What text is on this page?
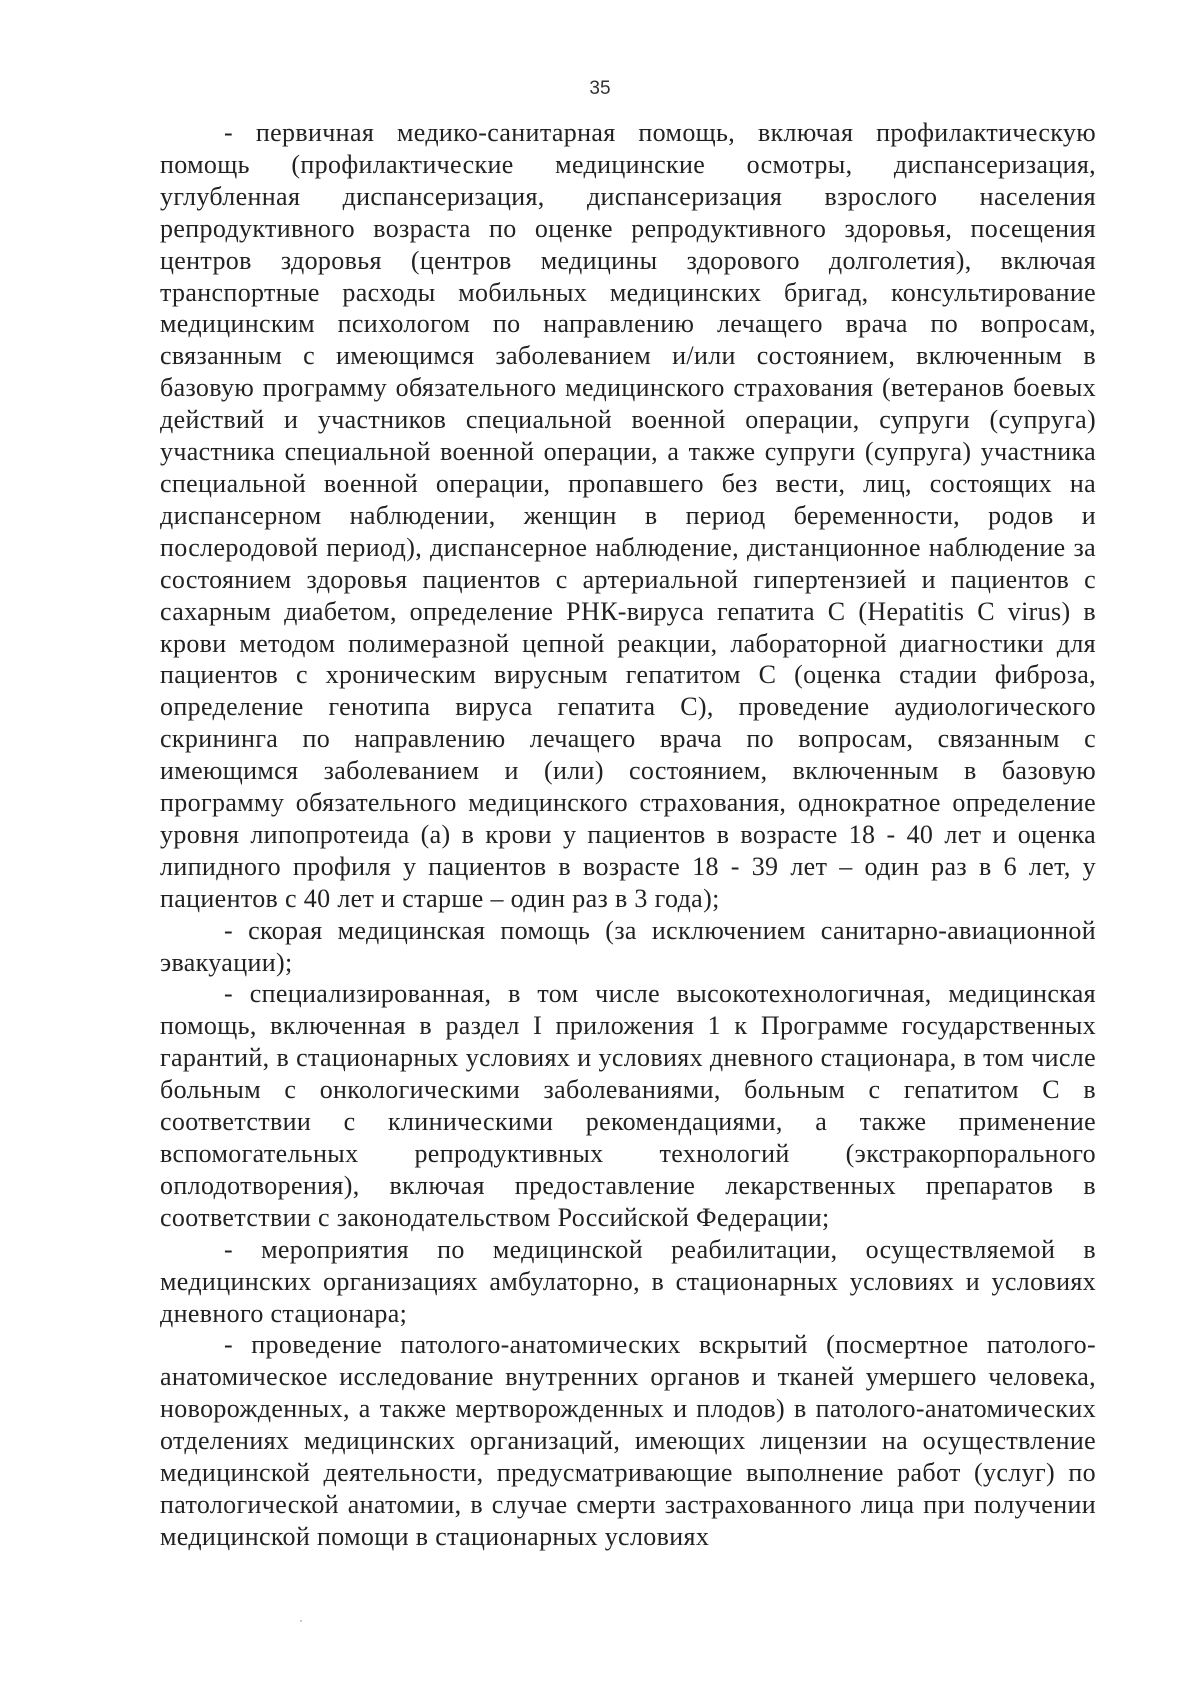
35

- первичная медико-санитарная помощь, включая профилактическую помощь (профилактические медицинские осмотры, диспансеризация, углубленная диспансеризация, диспансеризация взрослого населения репродуктивного возраста по оценке репродуктивного здоровья, посещения центров здоровья (центров медицины здорового долголетия), включая транспортные расходы мобильных медицинских бригад, консультирование медицинским психологом по направлению лечащего врача по вопросам, связанным с имеющимся заболеванием и/или состоянием, включенным в базовую программу обязательного медицинского страхования (ветеранов боевых действий и участников специальной военной операции, супруги (супруга) участника специальной военной операции, а также супруги (супруга) участника специальной военной операции, пропавшего без вести, лиц, состоящих на диспансерном наблюдении, женщин в период беременности, родов и послеродовой период), диспансерное наблюдение, дистанционное наблюдение за состоянием здоровья пациентов с артериальной гипертензией и пациентов с сахарным диабетом, определение РНК-вируса гепатита С (Hepatitis C virus) в крови методом полимеразной цепной реакции, лабораторной диагностики для пациентов с хроническим вирусным гепатитом С (оценка стадии фиброза, определение генотипа вируса гепатита С), проведение аудиологического скрининга по направлению лечащего врача по вопросам, связанным с имеющимся заболеванием и (или) состоянием, включенным в базовую программу обязательного медицинского страхования, однократное определение уровня липопротеида (а) в крови у пациентов в возрасте 18 - 40 лет и оценка липидного профиля у пациентов в возрасте 18 - 39 лет – один раз в 6 лет, у пациентов с 40 лет и старше – один раз в 3 года);

- скорая медицинская помощь (за исключением санитарно-авиационной эвакуации);

- специализированная, в том числе высокотехнологичная, медицинская помощь, включенная в раздел I приложения 1 к Программе государственных гарантий, в стационарных условиях и условиях дневного стационара, в том числе больным с онкологическими заболеваниями, больным с гепатитом С в соответствии с клиническими рекомендациями, а также применение вспомогательных репродуктивных технологий (экстракорпорального оплодотворения), включая предоставление лекарственных препаратов в соответствии с законодательством Российской Федерации;

- мероприятия по медицинской реабилитации, осуществляемой в медицинских организациях амбулаторно, в стационарных условиях и условиях дневного стационара;

- проведение патолого-анатомических вскрытий (посмертное патолого-анатомическое исследование внутренних органов и тканей умершего человека, новорожденных, а также мертворожденных и плодов) в патолого-анатомических отделениях медицинских организаций, имеющих лицензии на осуществление медицинской деятельности, предусматривающие выполнение работ (услуг) по патологической анатомии, в случае смерти застрахованного лица при получении медицинской помощи в стационарных условиях
